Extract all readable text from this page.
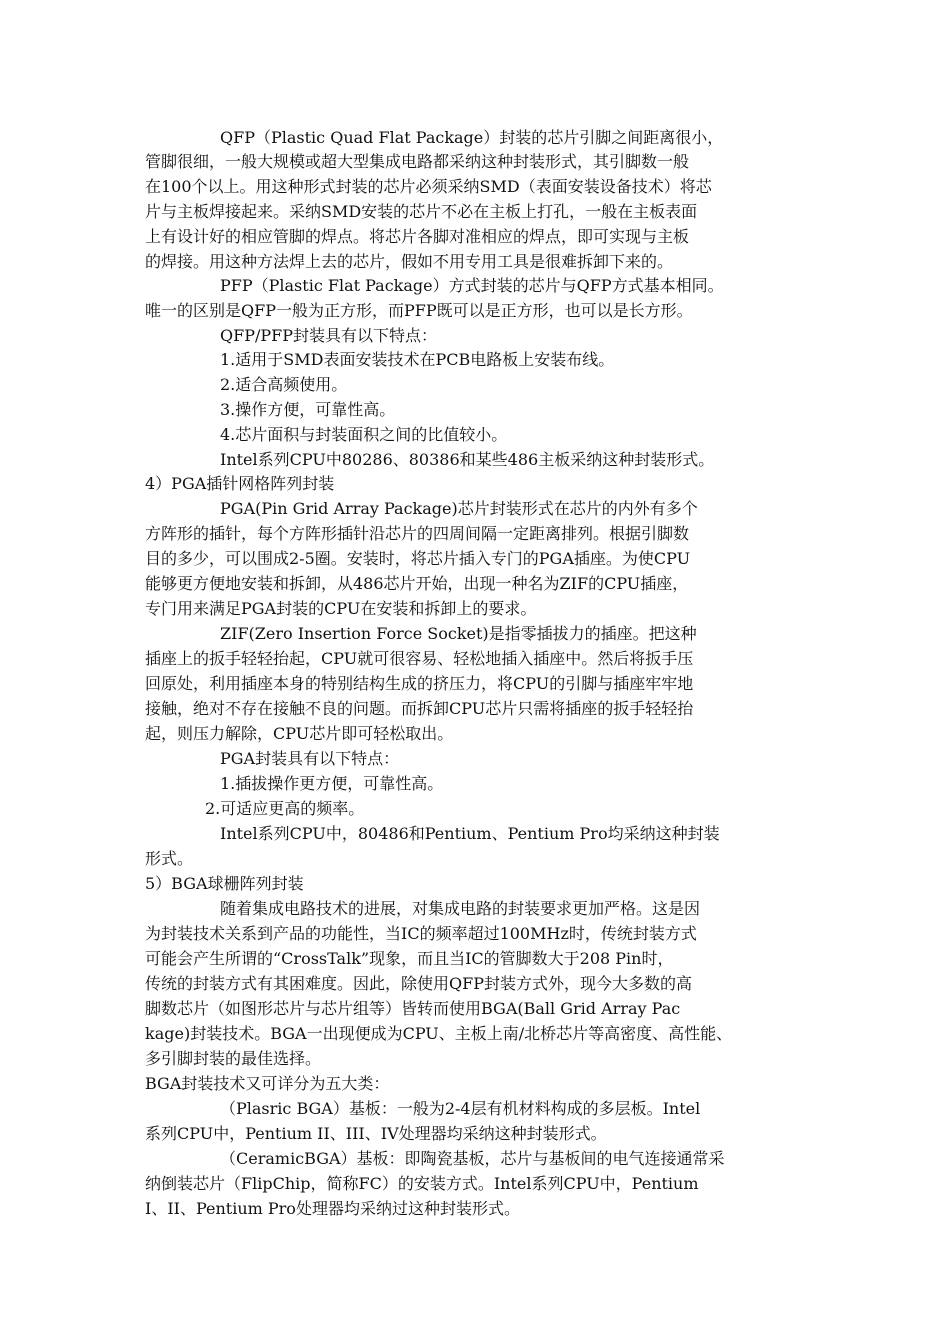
QFP（Plastic Quad Flat Package）封装的芯片引脚之间距离很小，
管脚很细，一般大规模或超大型集成电路都采纳这种封装形式，其引脚数一般
在100个以上。用这种形式封装的芯片必须采纳SMD（表面安装设备技术）将芯
片与主板焊接起来。采纳SMD安装的芯片不必在主板上打孔，一般在主板表面
上有设计好的相应管脚的焊点。将芯片各脚对准相应的焊点，即可实现与主板
的焊接。用这种方法焊上去的芯片，假如不用专用工具是很难拆卸下来的。
PFP（Plastic Flat Package）方式封装的芯片与QFP方式基本相同。
唯一的区别是QFP一般为正方形，而PFP既可以是正方形，也可以是长方形。
QFP/PFP封装具有以下特点：
1.适用于SMD表面安装技术在PCB电路板上安装布线。
2.适合高频使用。
3.操作方便，可靠性高。
4.芯片面积与封装面积之间的比值较小。
Intel系列CPU中80286、80386和某些486主板采纳这种封装形式。
4）PGA插针网格阵列封装
PGA(Pin Grid Array Package)芯片封装形式在芯片的内外有多个
方阵形的插针，每个方阵形插针沿芯片的四周间隔一定距离排列。根据引脚数
目的多少，可以围成2-5圈。安装时，将芯片插入专门的PGA插座。为使CPU
能够更方便地安装和拆卸，从486芯片开始，出现一种名为ZIF的CPU插座，
专门用来满足PGA封装的CPU在安装和拆卸上的要求。
ZIF(Zero Insertion Force Socket)是指零插拔力的插座。把这种
插座上的扳手轻轻抬起，CPU就可很容易、轻松地插入插座中。然后将扳手压
回原处，利用插座本身的特别结构生成的挤压力，将CPU的引脚与插座牢牢地
接触，绝对不存在接触不良的问题。而拆卸CPU芯片只需将插座的扳手轻轻抬
起，则压力解除，CPU芯片即可轻松取出。
PGA封装具有以下特点：
1.插拔操作更方便，可靠性高。
2.可适应更高的频率。
Intel系列CPU中，80486和Pentium、Pentium Pro均采纳这种封装
形式。
5）BGA球栅阵列封装
随着集成电路技术的进展，对集成电路的封装要求更加严格。这是因
为封装技术关系到产品的功能性，当IC的频率超过100MHz时，传统封装方式
可能会产生所谓的“CrossTalk”现象，而且当IC的管脚数大于208 Pin时，
传统的封装方式有其困难度。因此，除使用QFP封装方式外，现今大多数的高
脚数芯片（如图形芯片与芯片组等）皆转而使用BGA(Ball Grid Array Pac
kage)封装技术。BGA一出现便成为CPU、主板上南/北桥芯片等高密度、高性能、
多引脚封装的最佳选择。
BGA封装技术又可详分为五大类：
（Plasric BGA）基板：一般为2-4层有机材料构成的多层板。Intel
系列CPU中，Pentium II、III、IV处理器均采纳这种封装形式。
（CeramicBGA）基板：即陶瓷基板，芯片与基板间的电气连接通常采
纳倒装芯片（FlipChip，简称FC）的安装方式。Intel系列CPU中，Pentium
I、II、Pentium Pro处理器均采纳过这种封装形式。
